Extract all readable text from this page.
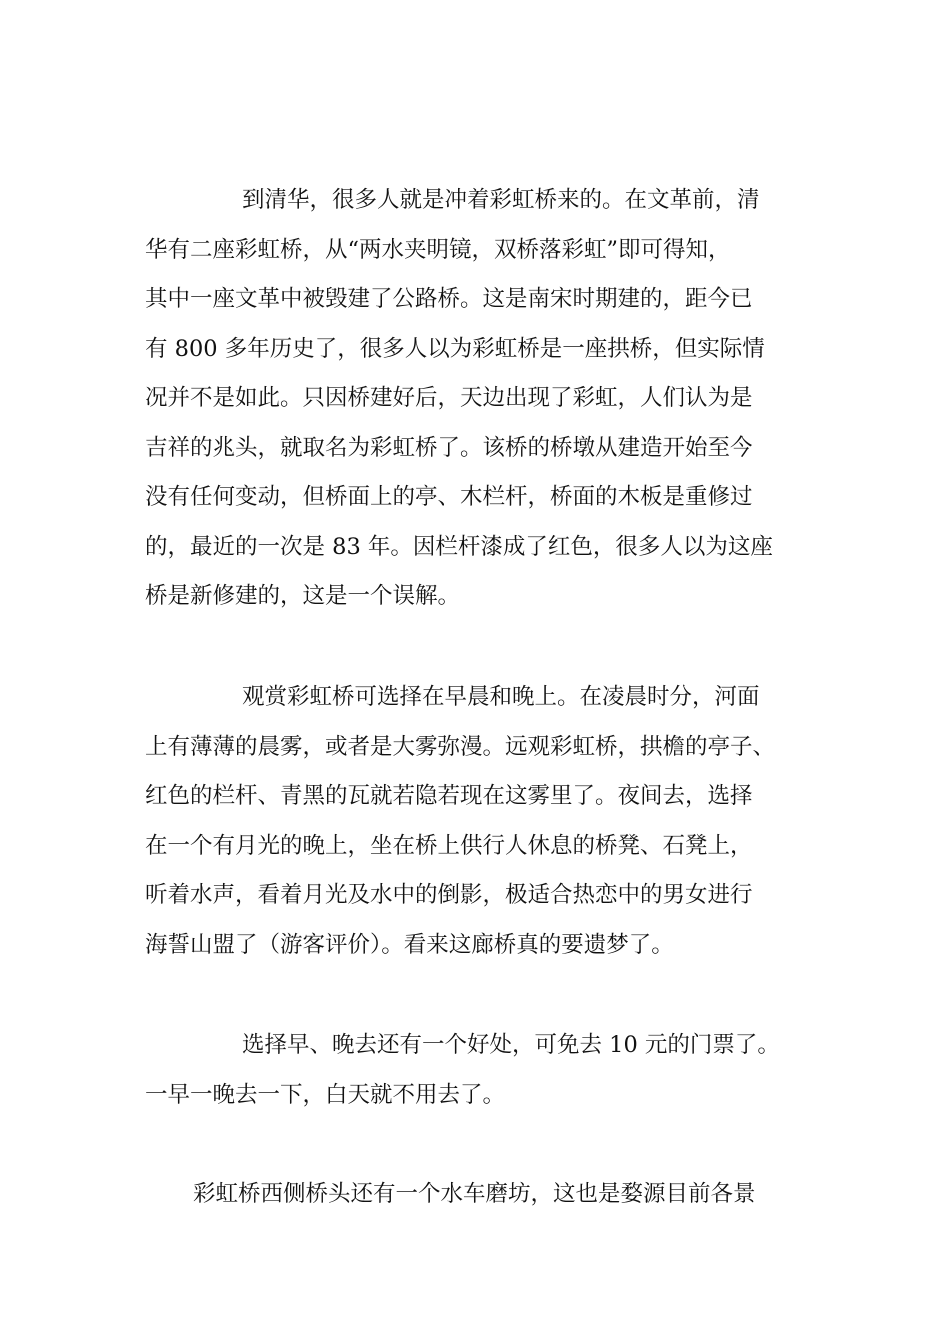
到清华，很多人就是冲着彩虹桥来的。在文革前，清
华有二座彩虹桥，从“两水夹明镜，双桥落彩虹”即可得知，
其中一座文革中被毁建了公路桥。这是南宋时期建的，距今已
有 800 多年历史了，很多人以为彩虹桥是一座拱桥，但实际情
况并不是如此。只因桥建好后，天边出现了彩虹，人们认为是
吉祥的兆头，就取名为彩虹桥了。该桥的桥墩从建造开始至今
没有任何变动，但桥面上的亭、木栏杆，桥面的木板是重修过
的，最近的一次是 83 年。因栏杆漆成了红色，很多人以为这座
桥是新修建的，这是一个误解。
观赏彩虹桥可选择在早晨和晚上。在凌晨时分，河面
上有薄薄的晨雾，或者是大雾弥漫。远观彩虹桥，拱檐的亭子、
红色的栏杆、青黑的瓦就若隐若现在这雾里了。夜间去，选择
在一个有月光的晚上，坐在桥上供行人休息的桥凳、石凳上，
听着水声，看着月光及水中的倒影，极适合热恋中的男女进行
海誓山盟了（游客评价）。看来这廊桥真的要遗梦了。
选择早、晚去还有一个好处，可免去 10 元的门票了。
一早一晚去一下，白天就不用去了。
彩虹桥西侧桥头还有一个水车磨坊，这也是婺源目前各景
